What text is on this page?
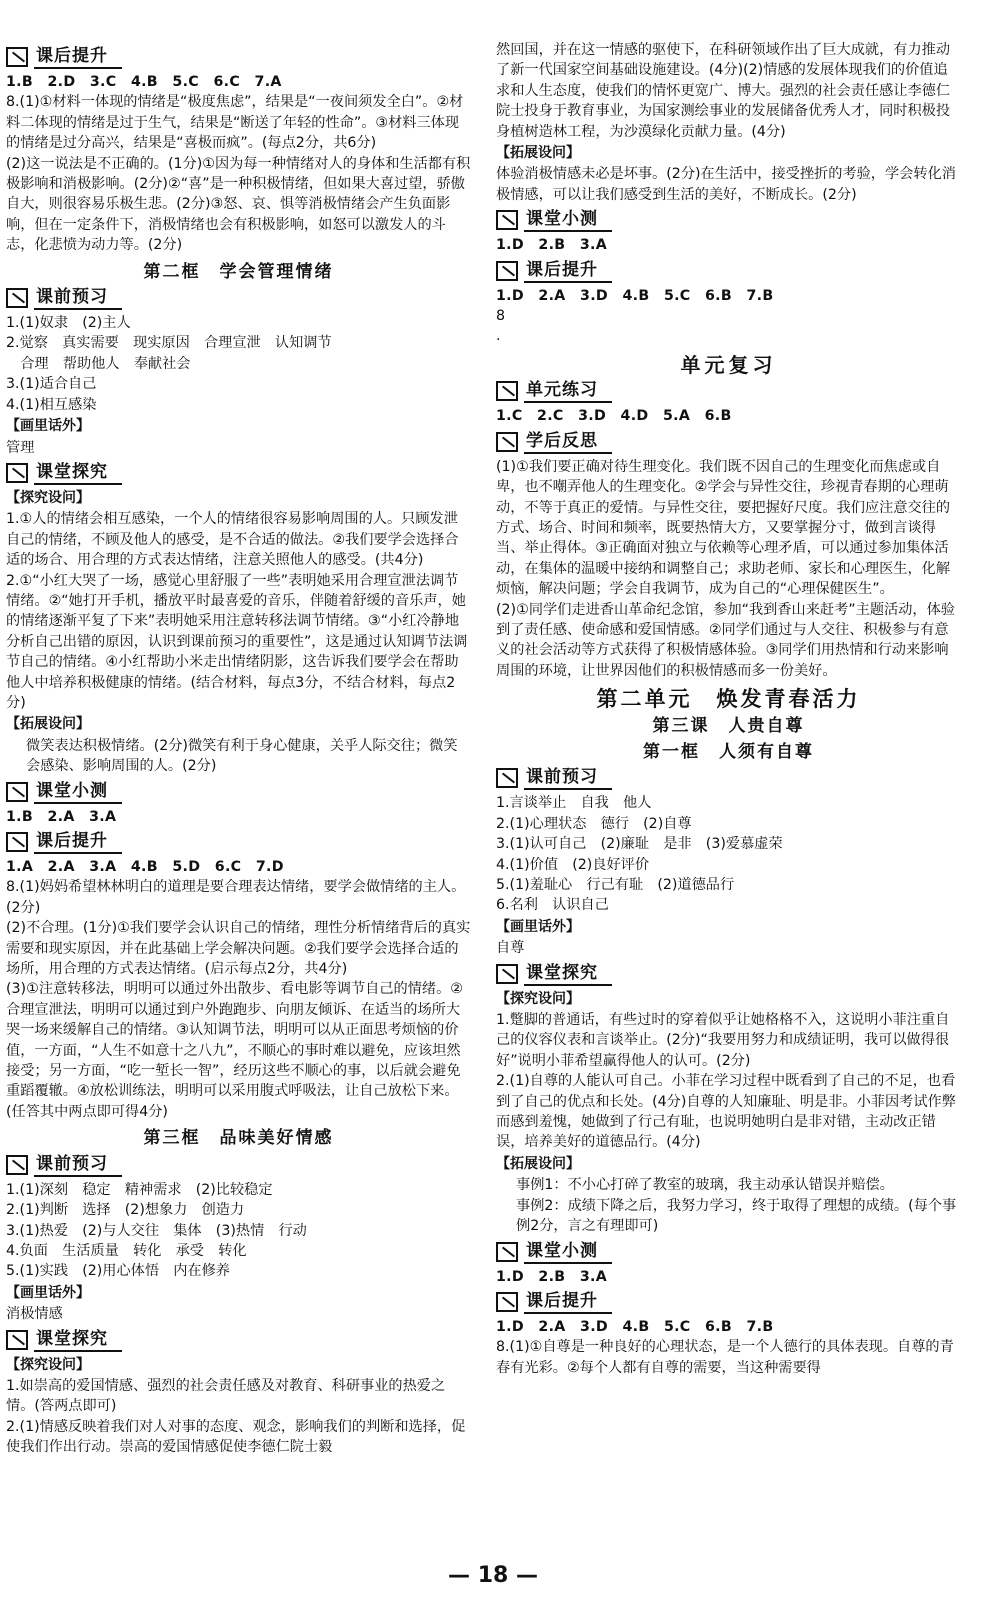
课后提升
1.B　2.D　3.C　4.B　5.C　6.C　7.A
8.(1)①材料一体现的情绪是“极度焦虑”，结果是“一夜间须发全白”。②材料二体现的情绪是过于生气，结果是“断送了年轻的性命”。③材料三体现的情绪是过分高兴，结果是“喜极而疯”。(每点2分，共6分)
(2)这一说法是不正确的。(1分)①因为每一种情绪对人的身体和生活都有积极影响和消极影响。(2分)②“喜”是一种积极情绪，但如果大喜过望，骄傲自大，则很容易乐极生悲。(2分)③怒、哀、惧等消极情绪会产生负面影响，但在一定条件下，消极情绪也会有积极影响，如怒可以激发人的斗志，化悲愤为动力等。(2分)
第二框　学会管理情绪
课前预习
1.(1)奴隶　(2)主人
2.觉察　真实需要　现实原因　合理宣泄　认知调节
　合理　帮助他人　奉献社会
3.(1)适合自己
4.(1)相互感染
【画里话外】
管理
课堂探究
【探究设问】
1.①人的情绪会相互感染，一个人的情绪很容易影响周围的人。只顾发泄自己的情绪，不顾及他人的感受，是不合适的做法。②我们要学会选择合适的场合、用合理的方式表达情绪，注意关照他人的感受。(共4分)
2.①“小红大哭了一场，感觉心里舒服了一些”表明她采用合理宣泄法调节情绪。②“她打开手机，播放平时最喜爱的音乐，伴随着舒缓的音乐声，她的情绪逐渐平复了下来”表明她采用注意转移法调节情绪。③“小红冷静地分析自己出错的原因，认识到课前预习的重要性”，这是通过认知调节法调节自己的情绪。④小红帮助小米走出情绪阴影，这告诉我们要学会在帮助他人中培养积极健康的情绪。(结合材料，每点3分，不结合材料，每点2分)
【拓展设问】
微笑表达积极情绪。(2分)微笑有利于身心健康，关乎人际交往；微笑会感染、影响周围的人。(2分)
课堂小测
1.B　2.A　3.A
课后提升
1.A　2.A　3.A　4.B　5.D　6.C　7.D
8.(1)妈妈希望林林明白的道理是要合理表达情绪，要学会做情绪的主人。(2分)
(2)不合理。(1分)①我们要学会认识自己的情绪，理性分析情绪背后的真实需要和现实原因，并在此基础上学会解决问题。②我们要学会选择合适的场所，用合理的方式表达情绪。(启示每点2分，共4分)
(3)①注意转移法，明明可以通过外出散步、看电影等调节自己的情绪。②合理宣泄法，明明可以通过到户外跑跑步、向朋友倾诉、在适当的场所大哭一场来缓解自己的情绪。③认知调节法，明明可以从正面思考烦恼的价值，一方面，“人生不如意十之八九”，不顺心的事时难以避免，应该坦然接受；另一方面，“吃一堑长一智”，经历这些不顺心的事，以后就会避免重蹈覆辙。④放松训练法，明明可以采用腹式呼吸法，让自己放松下来。(任答其中两点即可得4分)
第三框　品味美好情感
课前预习
1.(1)深刻　稳定　精神需求　(2)比较稳定
2.(1)判断　选择　(2)想象力　创造力
3.(1)热爱　(2)与人交往　集体　(3)热情　行动
4.负面　生活质量　转化　承受　转化
5.(1)实践　(2)用心体悟　内在修养
【画里话外】
消极情感
课堂探究
【探究设问】
1.如崇高的爱国情感、强烈的社会责任感及对教育、科研事业的热爱之情。(答两点即可)
2.(1)情感反映着我们对人对事的态度、观念，影响我们的判断和选择，促使我们作出行动。崇高的爱国情感促使李德仁院士毅
然回国，并在这一情感的驱使下，在科研领域作出了巨大成就，有力推动了新一代国家空间基础设施建设。(4分)(2)情感的发展体现我们的价值追求和人生态度，使我们的情怀更宽广、博大。强烈的社会责任感让李德仁院士投身于教育事业，为国家测绘事业的发展储备优秀人才，同时积极投身植树造林工程，为沙漠绿化贡献力量。(4分)
【拓展设问】
体验消极情感未必是坏事。(2分)在生活中，接受挫折的考验，学会转化消极情感，可以让我们感受到生活的美好，不断成长。(2分)
课堂小测
1.D　2.B　3.A
课后提升
1.D　2.A　3.D　4.B　5.C　6.B　7.B
8
.
单元复习
单元练习
1.C　2.C　3.D　4.D　5.A　6.B
学后反思
(1)①我们要正确对待生理变化。我们既不因自己的生理变化而焦虑或自卑，也不嘲弄他人的生理变化。②学会与异性交往，珍视青春期的心理萌动，不等于真正的爱情。与异性交往，要把握好尺度。我们应注意交往的方式、场合、时间和频率，既要热情大方，又要掌握分寸，做到言谈得当、举止得体。③正确面对独立与依赖等心理矛盾，可以通过参加集体活动，在集体的温暖中接纳和调整自己；求助老师、家长和心理医生，化解烦恼，解决问题；学会自我调节，成为自己的“心理保健医生”。
(2)①同学们走进香山革命纪念馆，参加“我到香山来赶考”主题活动，体验到了责任感、使命感和爱国情感。②同学们通过与人交往、积极参与有意义的社会活动等方式获得了积极情感体验。③同学们用热情和行动来影响周围的环境，让世界因他们的积极情感而多一份美好。
第二单元　焕发青春活力
第三课　人贵自尊
第一框　人须有自尊
课前预习
1.言谈举止　自我　他人
2.(1)心理状态　德行　(2)自尊
3.(1)认可自己　(2)廉耻　是非　(3)爱慕虚荣
4.(1)价值　(2)良好评价
5.(1)羞耻心　行己有耻　(2)道德品行
6.名利　认识自己
【画里话外】
自尊
课堂探究
【探究设问】
1.蹩脚的普通话，有些过时的穿着似乎让她格格不入，这说明小菲注重自己的仪容仪表和言谈举止。(2分)“我要用努力和成绩证明，我可以做得很好”说明小菲希望赢得他人的认可。(2分)
2.(1)自尊的人能认可自己。小菲在学习过程中既看到了自己的不足，也看到了自己的优点和长处。(4分)自尊的人知廉耻、明是非。小菲因考试作弊而感到羞愧，她做到了行己有耻，也说明她明白是非对错，主动改正错误，培养美好的道德品行。(4分)
【拓展设问】
事例1：不小心打碎了教室的玻璃，我主动承认错误并赔偿。
事例2：成绩下降之后，我努力学习，终于取得了理想的成绩。(每个事例2分，言之有理即可)
课堂小测
1.D　2.B　3.A
课后提升
1.D　2.A　3.D　4.B　5.C　6.B　7.B
8.(1)①自尊是一种良好的心理状态，是一个人德行的具体表现。自尊的青春有光彩。②每个人都有自尊的需要，当这种需要得
— 18 —
